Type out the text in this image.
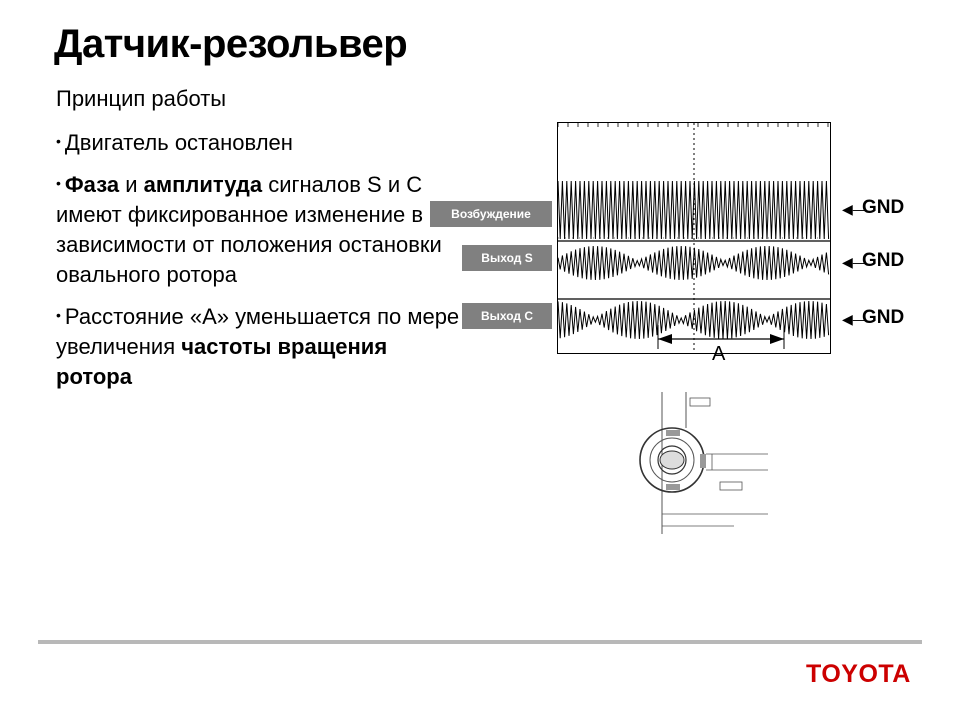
Датчик-резольвер
Принцип работы
• Двигатель остановлен
• Фаза и амплитуда сигналов S и С имеют фиксированное изменение в зависимости от положения остановки овального ротора
• Расстояние «А» уменьшается по мере увеличения частоты вращения ротора
Возбуждение
Выход S
Выход C
◀—
GND
◀—
GND
◀—
GND
A
TOYOTA
